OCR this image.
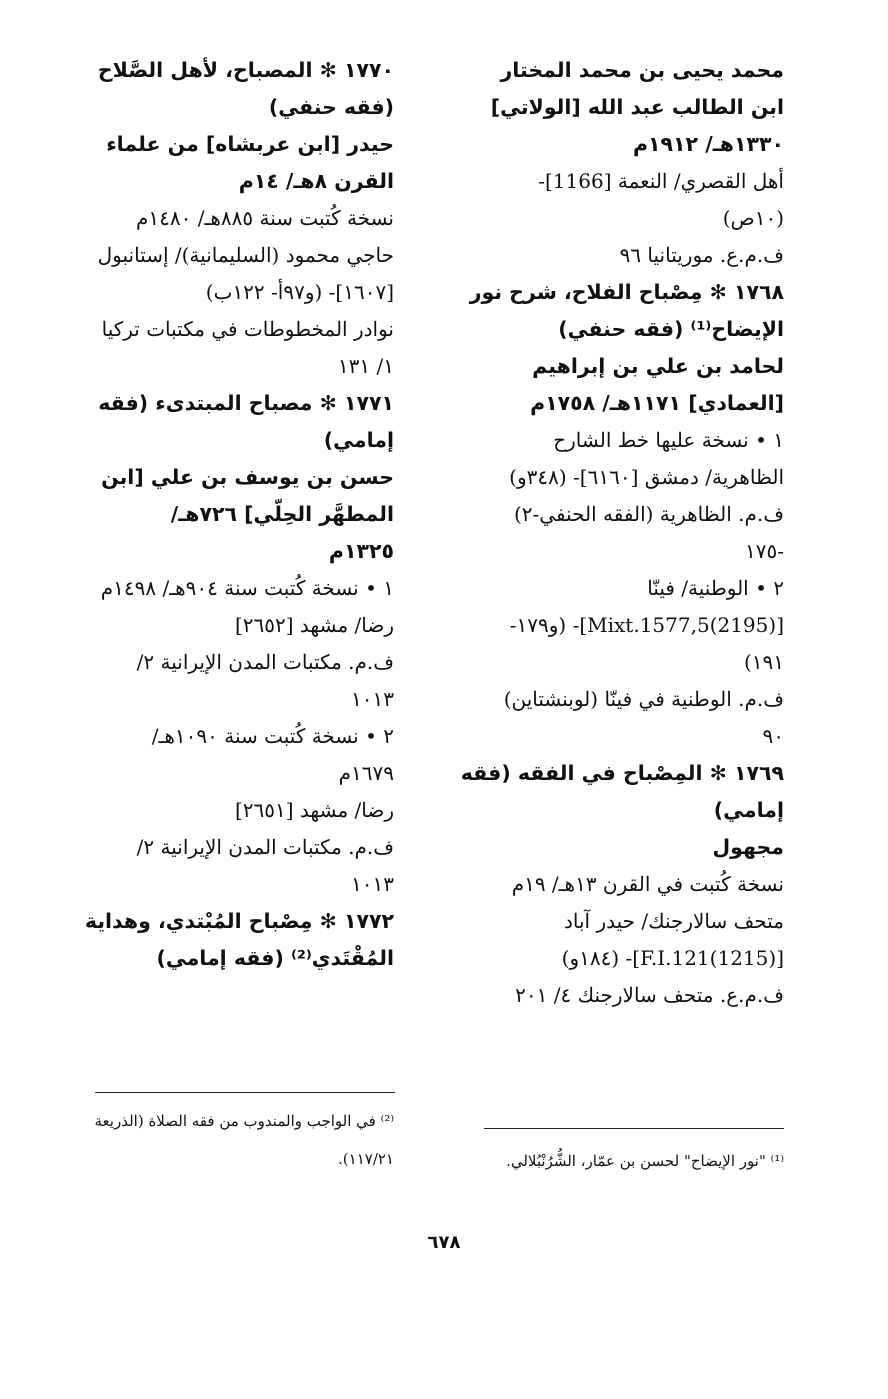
محمد يحيى بن محمد المختار
ابن الطالب عبد الله [الولاتي]
١٣٣٠هـ/ ١٩١٢م
أهل القصري/ النعمة [1166]-
(١٠ص)
ف.م.ع. موريتانيا ٩٦
١٧٦٨ ✻ مِصْباح الفلاح، شرح نور
الإيضاح⁽¹⁾ (فقه حنفي)
لحامد بن علي بن إبراهيم
[العمادي] ١١٧١هـ/ ١٧٥٨م
١ • نسخة عليها خط الشارح
الظاهرية/ دمشق [٦١٦٠]- (٣٤٨و)
ف.م. الظاهرية (الفقه الحنفي-٢)
-١٧٥
٢ • الوطنية/ فينّا
[(2195)Mixt.1577,5]- (و١٧٩-
١٩١)
ف.م. الوطنية في فينّا (لوبنشتاين)
٩٠
١٧٦٩ ✻ المِصْباح في الفقه (فقه
إمامي)
مجهول
نسخة كُتبت في القرن ١٣هـ/ ١٩م
متحف سالارجنك/ حيدر آباد
[(1215)F.I.121]- (١٨٤و)
ف.م.ع. متحف سالارجنك ٤/ ٢٠١
١٧٧٠ ✻ المصباح، لأهل الصَّلاح
(فقه حنفي)
حيدر [ابن عربشاه] من علماء
القرن ٨هـ/ ١٤م
نسخة كُتبت سنة ٨٨٥هـ/ ١٤٨٠م
حاجي محمود (السليمانية)/ إستانبول
[١٦٠٧]- (و٩٧أ- ١٢٢ب)
نوادر المخطوطات في مكتبات تركيا
١/ ١٣١
١٧٧١ ✻ مصباح المبتدىء (فقه
إمامي)
حسن بن يوسف بن علي [ابن
المطهَّر الحِلّي] ٧٢٦هـ/
١٣٢٥م
١ • نسخة كُتبت سنة ٩٠٤هـ/ ١٤٩٨م
رضا/ مشهد [٢٦٥٢]
ف.م. مكتبات المدن الإيرانية ٢/
١٠١٣
٢ • نسخة كُتبت سنة ١٠٩٠هـ/
١٦٧٩م
رضا/ مشهد [٢٦٥١]
ف.م. مكتبات المدن الإيرانية ٢/
١٠١٣
١٧٧٢ ✻ مِصْباح المُبْتدي، وهداية
المُقْتَدي⁽²⁾ (فقه إمامي)
⁽²⁾ في الواجب والمندوب من فقه الصلاة (الذريعة
١١٧/٢١).	⁽¹⁾ "نور الإيضاح" لحسن بن عمّار، الشُّرُنْبُلالي.
٦٧٨
